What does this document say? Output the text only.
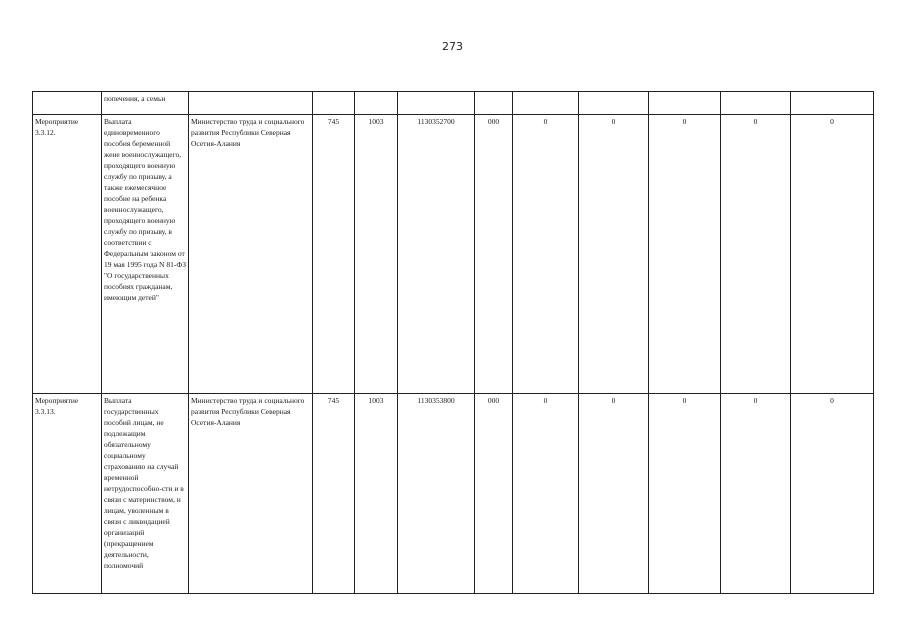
273
	попечения, а семьи										
Мероприятие 3.3.12.	Выплата единовременного пособия беременной жене военнослужащего, проходящего военную службу по призыву, а также ежемесячное пособие на ребенка военнослужащего, проходящего военную службу по призыву, в соответствии с Федеральным законом от 19 мая 1995 года N 81-ФЗ "О государственных пособиях гражданам, имеющим детей"	Министерство труда и социального развития Республики Северная Осетия-Алания	745	1003	1130352700	000	0	0	0	0	0
Мероприятие 3.3.13.	Выплата государственных пособий лицам, не подлежащим обязательному социальному страхованию на случай временной нетрудоспособно-сти и в связи с материнством, и лицам, уволенным в связи с ликвидацией организаций (прекращением деятельности, полномочий	Министерство труда и социального развития Республики Северная Осетия-Алания	745	1003	1130353800	000	0	0	0	0	0
